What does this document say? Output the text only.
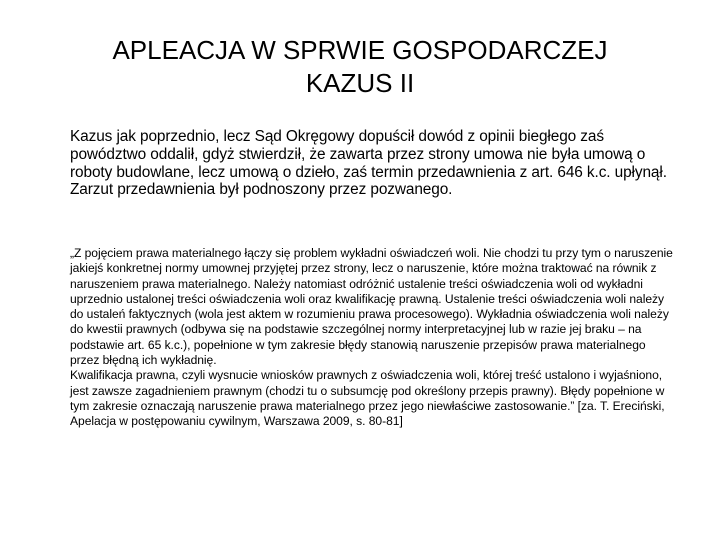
APLEACJA W SPRWIE GOSPODARCZEJ
KAZUS II

Kazus jak poprzednio, lecz Sąd Okręgowy dopuścił dowód z opinii biegłego zaś powództwo oddalił, gdyż stwierdził, że zawarta przez strony umowa nie była umową o roboty budowlane, lecz umową o dzieło, zaś termin przedawnienia z art. 646 k.c. upłynął. Zarzut przedawnienia był podnoszony przez pozwanego.

„Z pojęciem prawa materialnego łączy się problem wykładni oświadczeń woli. Nie chodzi tu przy tym o naruszenie jakiejś konkretnej normy umownej przyjętej przez strony, lecz o naruszenie, które można traktować na równik z naruszeniem prawa materialnego. Należy natomiast odróżnić ustalenie treści oświadczenia woli od wykładni uprzednio ustalonej treści oświadczenia woli oraz kwalifikację prawną. Ustalenie treści oświadczenia woli należy do ustaleń faktycznych (wola jest aktem w rozumieniu prawa procesowego). Wykładnia oświadczenia woli należy do kwestii prawnych (odbywa się na podstawie szczególnej normy interpretacyjnej lub w razie jej braku – na podstawie art. 65 k.c.), popełnione w tym zakresie błędy stanowią naruszenie przepisów prawa materialnego przez błędną ich wykładnię.

Kwalifikacja prawna, czyli wysnucie wniosków prawnych z oświadczenia woli, której treść ustalono i wyjaśniono, jest zawsze zagadnieniem prawnym (chodzi tu o subsumcję pod określony przepis prawny). Błędy popełnione w tym zakresie oznaczają naruszenie prawa materialnego przez jego niewłaściwe zastosowanie.” [za. T. Ereciński, Apelacja w postępowaniu cywilnym, Warszawa 2009, s. 80-81]
